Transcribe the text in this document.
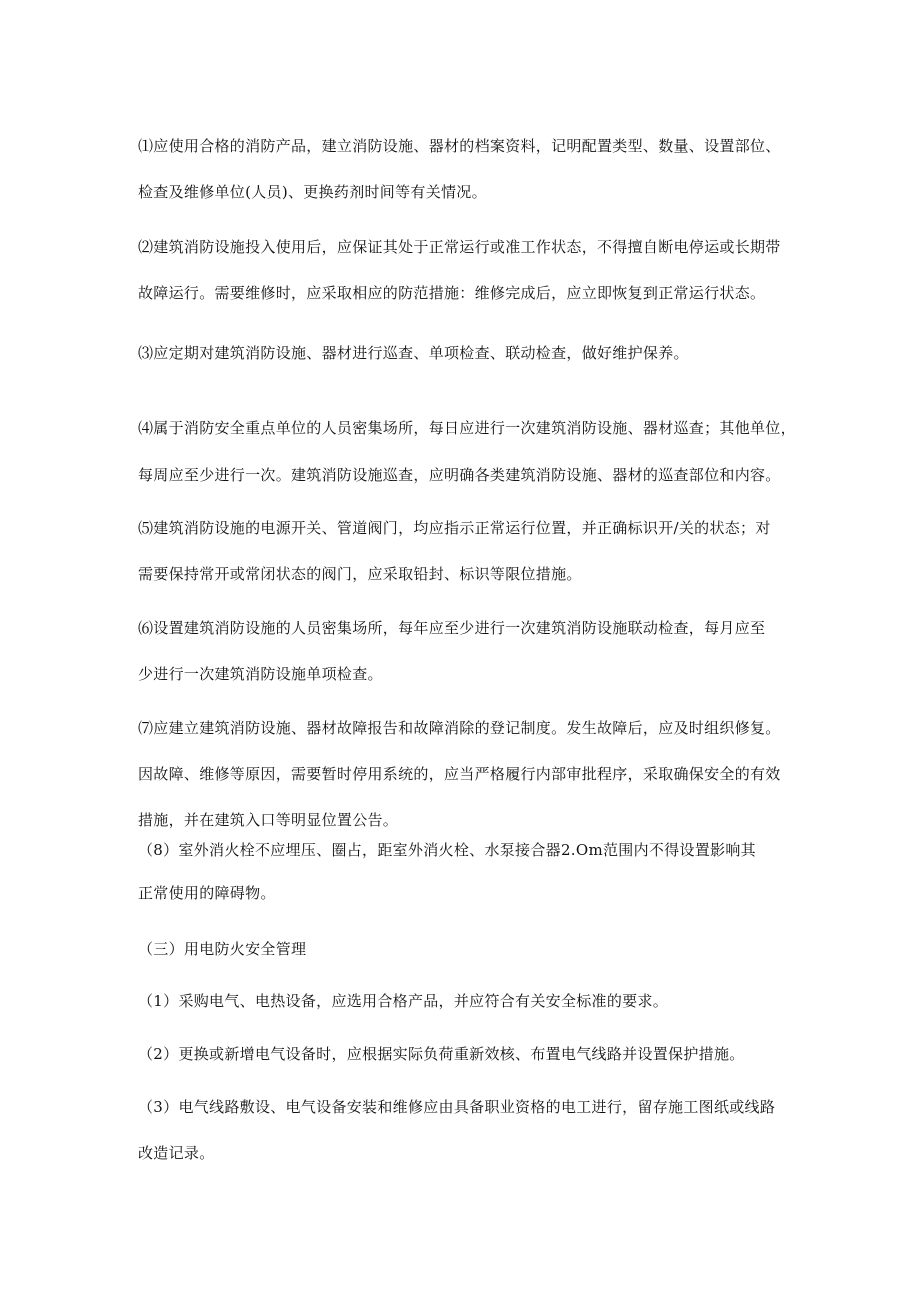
⑴应使用合格的消防产品，建立消防设施、器材的档案资料，记明配置类型、数量、设置部位、
检查及维修单位(人员)、更换药剂时间等有关情况。
⑵建筑消防设施投入使用后，应保证其处于正常运行或准工作状态，不得擅自断电停运或长期带
故障运行。需要维修时，应采取相应的防范措施：维修完成后，应立即恢复到正常运行状态。
⑶应定期对建筑消防设施、器材进行巡查、单项检查、联动检查，做好维护保养。
⑷属于消防安全重点单位的人员密集场所，每日应进行一次建筑消防设施、器材巡查；其他单位，
每周应至少进行一次。建筑消防设施巡查，应明确各类建筑消防设施、器材的巡查部位和内容。
⑸建筑消防设施的电源开关、管道阀门，均应指示正常运行位置，并正确标识开/关的状态；对
需要保持常开或常闭状态的阀门，应采取铅封、标识等限位措施。
⑹设置建筑消防设施的人员密集场所，每年应至少进行一次建筑消防设施联动检查，每月应至
少进行一次建筑消防设施单项检查。
⑺应建立建筑消防设施、器材故障报告和故障消除的登记制度。发生故障后，应及时组织修复。
因故障、维修等原因，需要暂时停用系统的，应当严格履行内部审批程序，采取确保安全的有效
措施，并在建筑入口等明显位置公告。
（8）室外消火栓不应埋压、圈占，距室外消火栓、水泵接合器2.Om范围内不得设置影响其
正常使用的障碍物。
（三）用电防火安全管理
（1）采购电气、电热设备，应选用合格产品，并应符合有关安全标准的要求。
（2）更换或新增电气设备时，应根据实际负荷重新效核、布置电气线路并设置保护措施。
（3）电气线路敷设、电气设备安装和维修应由具备职业资格的电工进行，留存施工图纸或线路
改造记录。
